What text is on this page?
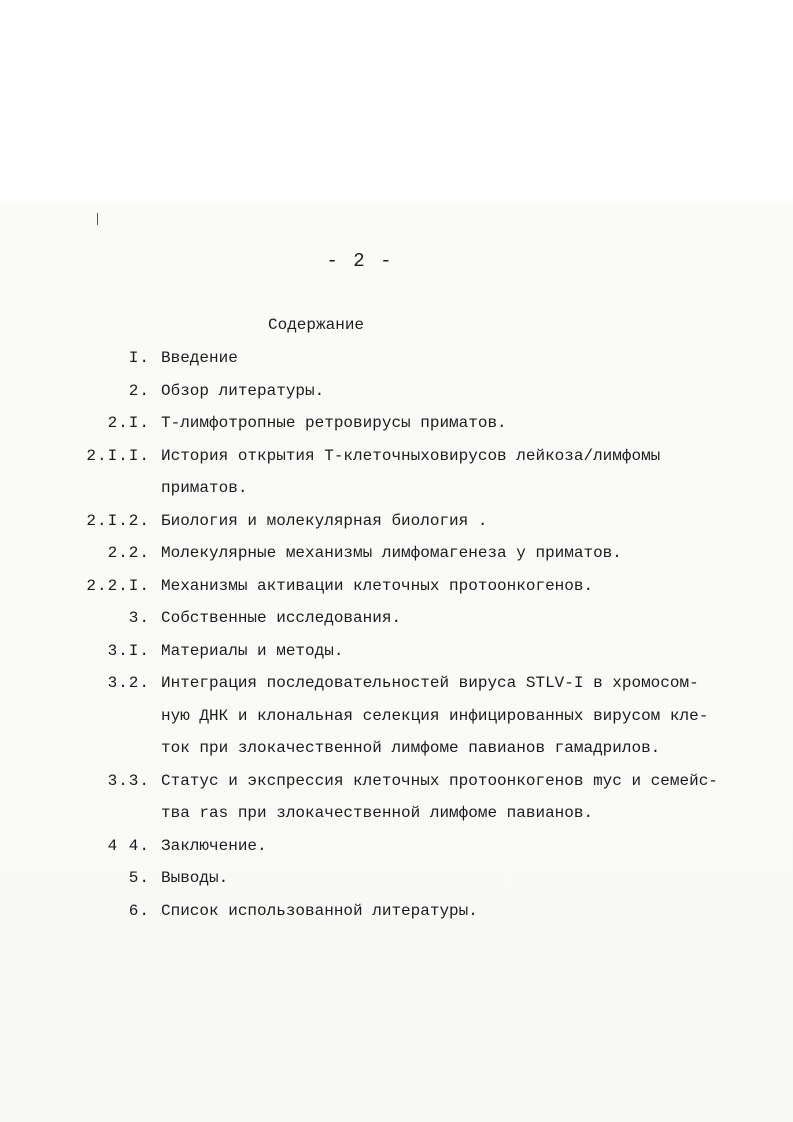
- 2 -
Содержание
I. Введение
2. Обзор литературы.
2.I. Т-лимфотропные ретровирусы приматов.
2.I.I. История открытия Т-клеточныховирусов лейкоза/лимфомы
приматов.
2.I.2. Биология и молекулярная биология .
2.2. Молекулярные механизмы лимфомагенеза у приматов.
2.2.I. Механизмы активации клеточных протоонкогенов.
3. Собственные исследования.
3.I. Материалы и методы.
3.2. Интеграция последовательностей вируса STLV-I в хромосом-
ную ДНК и клональная селекция инфицированных вирусом кле-
ток при злокачественной лимфоме павианов гамадрилов.
3.3. Статус и экспрессия клеточных протоонкогенов myc и семейс-
тва ras при злокачественной лимфоме павианов.
4 4. Заключение.
5. Выводы.
6. Список использованной литературы.
